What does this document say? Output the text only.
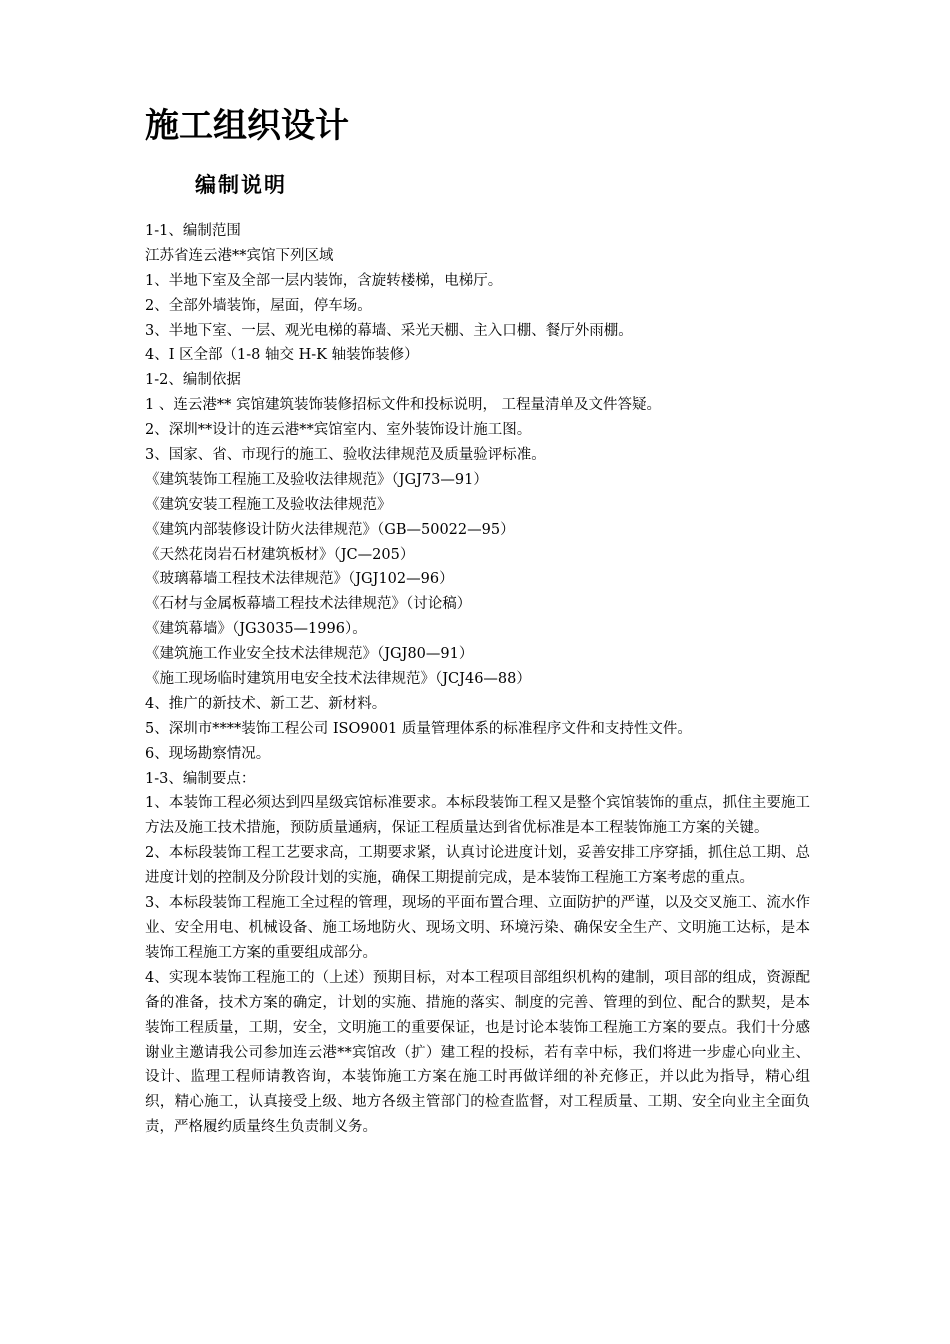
施工组织设计
编制说明
1-1、编制范围
江苏省连云港**宾馆下列区域
1、半地下室及全部一层内装饰，含旋转楼梯，电梯厅。
2、全部外墙装饰，屋面，停车场。
3、半地下室、一层、观光电梯的幕墙、采光天棚、主入口棚、餐厅外雨棚。
4、I 区全部（1-8 轴交 H-K 轴装饰装修）
1-2、编制依据
1 、连云港** 宾馆建筑装饰装修招标文件和投标说明， 工程量清单及文件答疑。
2、深圳**设计的连云港**宾馆室内、室外装饰设计施工图。
3、国家、省、市现行的施工、验收法律规范及质量验评标准。
《建筑装饰工程施工及验收法律规范》（JGJ73—91）
《建筑安装工程施工及验收法律规范》
《建筑内部装修设计防火法律规范》（GB—50022—95）
《天然花岗岩石材建筑板材》（JC—205）
《玻璃幕墙工程技术法律规范》（JGJ102—96）
《石材与金属板幕墙工程技术法律规范》（讨论稿）
《建筑幕墙》（JG3035—1996）。
《建筑施工作业安全技术法律规范》（JGJ80—91）
《施工现场临时建筑用电安全技术法律规范》（JCJ46—88）
4、推广的新技术、新工艺、新材料。
5、深圳市****装饰工程公司 ISO9001 质量管理体系的标准程序文件和支持性文件。
6、现场勘察情况。
1-3、编制要点：

1、本装饰工程必须达到四星级宾馆标准要求。本标段装饰工程又是整个宾馆装饰的重点，抓住主要施工方法及施工技术措施，预防质量通病，保证工程质量达到省优标准是本工程装饰施工方案的关键。

2、本标段装饰工程工艺要求高，工期要求紧，认真讨论进度计划，妥善安排工序穿插，抓住总工期、总进度计划的控制及分阶段计划的实施，确保工期提前完成，是本装饰工程施工方案考虑的重点。

3、本标段装饰工程施工全过程的管理，现场的平面布置合理、立面防护的严谨，以及交叉施工、流水作业、安全用电、机械设备、施工场地防火、现场文明、环境污染、确保安全生产、文明施工达标，是本装饰工程施工方案的重要组成部分。

4、实现本装饰工程施工的（上述）预期目标，对本工程项目部组织机构的建制，项目部的组成，资源配备的准备，技术方案的确定，计划的实施、措施的落实、制度的完善、管理的到位、配合的默契，是本装饰工程质量，工期，安全，文明施工的重要保证，也是讨论本装饰工程施工方案的要点。我们十分感谢业主邀请我公司参加连云港**宾馆改（扩）建工程的投标，若有幸中标，我们将进一步虚心向业主、设计、监理工程师请教咨询，本装饰施工方案在施工时再做详细的补充修正，并以此为指导，精心组织，精心施工，认真接受上级、地方各级主管部门的检查监督，对工程质量、工期、安全向业主全面负责，严格履约质量终生负责制义务。
